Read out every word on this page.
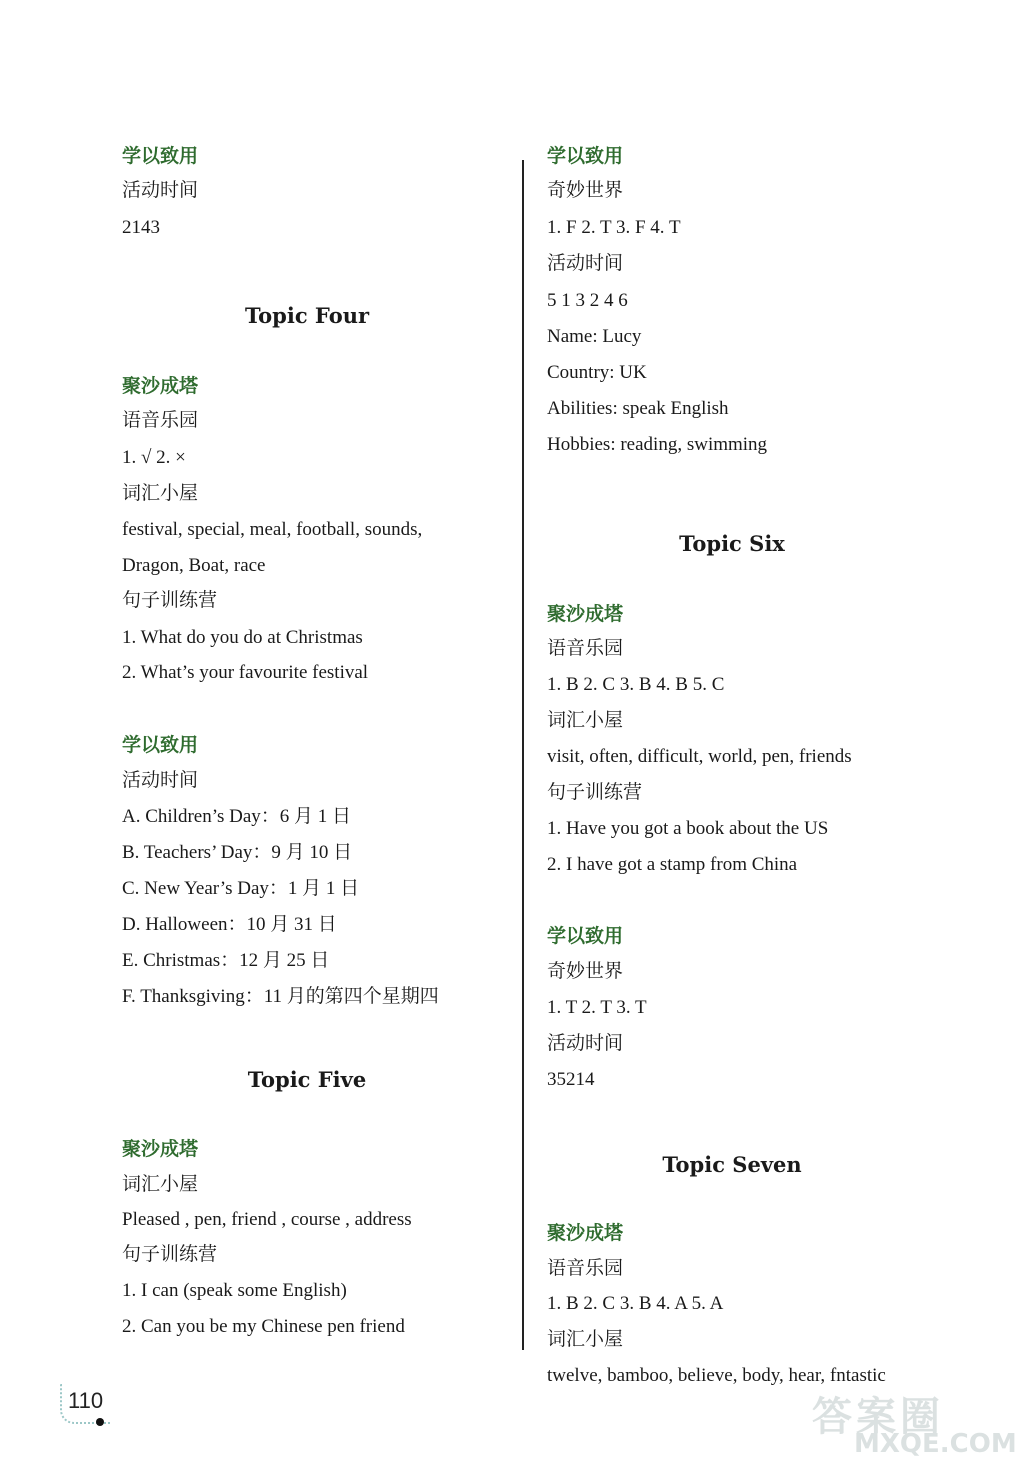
学以致用
活动时间
2143
Topic Four
聚沙成塔
语音乐园
1. √ 2. ×
词汇小屋
festival, special, meal, football, sounds,
Dragon, Boat, race
句子训练营
1. What do you do at Christmas
2. What’s your favourite festival
学以致用
活动时间
A. Children’s Day：6 月 1 日
B. Teachers’ Day：9 月 10 日
C. New Year’s Day：1 月 1 日
D. Halloween：10 月 31 日
E. Christmas：12 月 25 日
F. Thanksgiving：11 月的第四个星期四
Topic Five
聚沙成塔
词汇小屋
Pleased , pen, friend , course , address
句子训练营
1. I can (speak some English)
2. Can you be my Chinese pen friend
学以致用
奇妙世界
1. F 2. T 3. F 4. T
活动时间
5 1 3 2 4 6
Name: Lucy
Country: UK
Abilities: speak English
Hobbies: reading, swimming
Topic Six
聚沙成塔
语音乐园
1. B 2. C 3. B 4. B 5. C
词汇小屋
visit, often, difficult, world, pen, friends
句子训练营
1. Have you got a book about the US
2. I have got a stamp from China
学以致用
奇妙世界
1. T 2. T 3. T
活动时间
35214
Topic Seven
聚沙成塔
语音乐园
1. B 2. C 3. B 4. A 5. A
词汇小屋
twelve, bamboo, believe, body, hear, fntastic
110	答案圈
MXQE.COM
